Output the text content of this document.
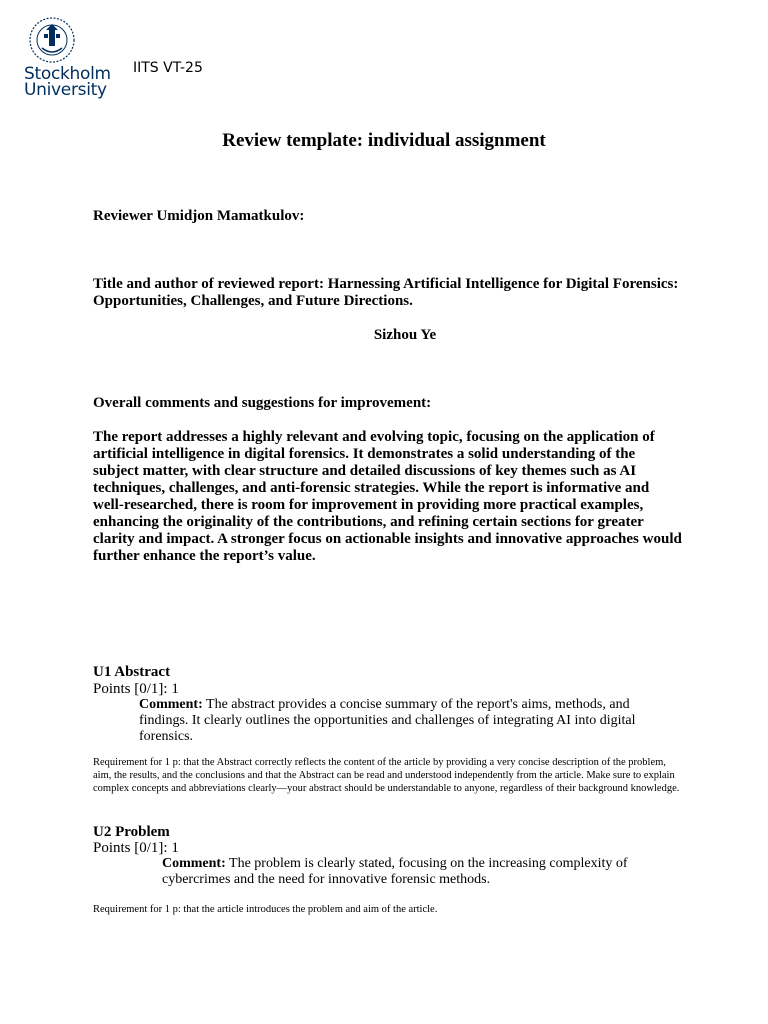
Stockholm
University
IITS VT-25
Review template: individual assignment
Reviewer Umidjon Mamatkulov:
Title and author of reviewed report: Harnessing Artificial Intelligence for Digital Forensics: Opportunities, Challenges, and Future Directions.
Sizhou Ye
Overall comments and suggestions for improvement:
The report addresses a highly relevant and evolving topic, focusing on the application of artificial intelligence in digital forensics. It demonstrates a solid understanding of the subject matter, with clear structure and detailed discussions of key themes such as AI techniques, challenges, and anti-forensic strategies. While the report is informative and well-researched, there is room for improvement in providing more practical examples, enhancing the originality of the contributions, and refining certain sections for greater clarity and impact. A stronger focus on actionable insights and innovative approaches would further enhance the report’s value.
U1 Abstract
Points [0/1]: 1
Comment: The abstract provides a concise summary of the report's aims, methods, and findings. It clearly outlines the opportunities and challenges of integrating AI into digital forensics.
Requirement for 1 p: that the Abstract correctly reflects the content of the article by providing a very concise description of the problem, aim, the results, and the conclusions and that the Abstract can be read and understood independently from the article. Make sure to explain complex concepts and abbreviations clearly—your abstract should be understandable to anyone, regardless of their background knowledge.
U2 Problem
Points [0/1]: 1
Comment: The problem is clearly stated, focusing on the increasing complexity of cybercrimes and the need for innovative forensic methods.
Requirement for 1 p: that the article introduces the problem and aim of the article.
